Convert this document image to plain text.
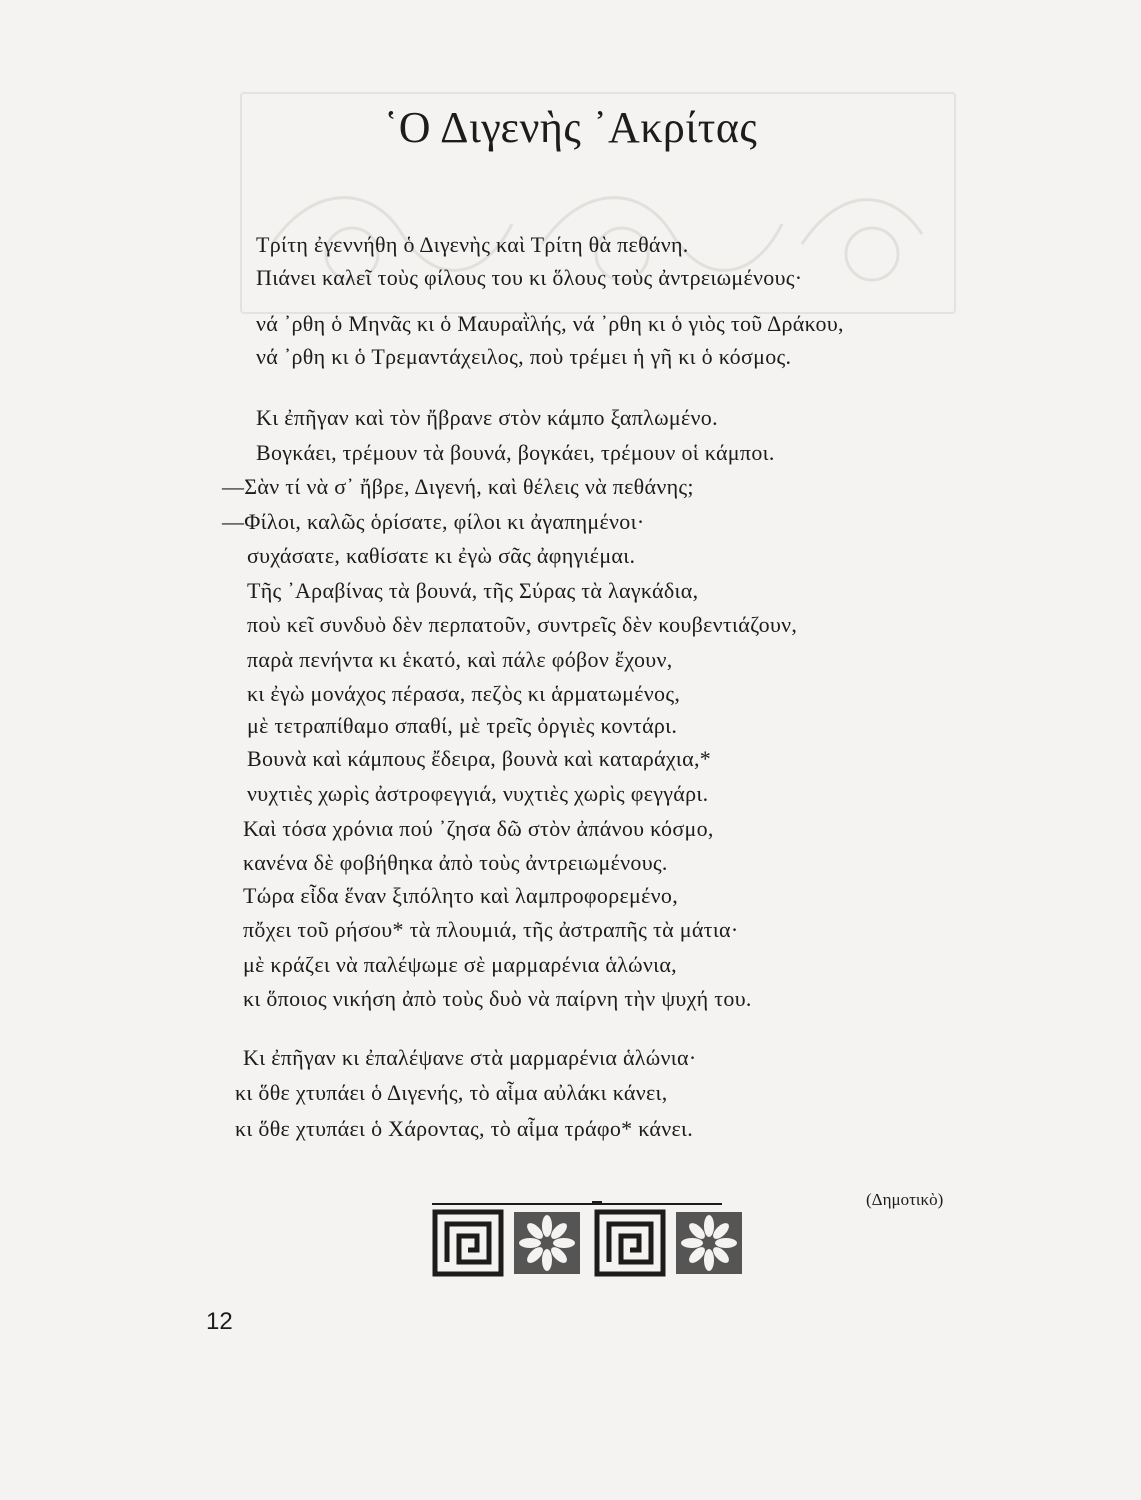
῾Ο Διγενὴς ᾿Ακρίτας
Τρίτη ἐγεννήθη ὁ Διγενὴς καὶ Τρίτη θὰ πεθάνη.
Πιάνει καλεῖ τοὺς φίλους του κι ὅλους τοὺς ἀντρειωμένους·
νά ᾿ρθη ὁ Μηνᾶς κι ὁ Μαυραῒλής, νά ᾿ρθη κι ὁ γιὸς τοῦ Δράκου,
νά ᾿ρθη κι ὁ Τρεμαντάχειλος, ποὺ τρέμει ἡ γῆ κι ὁ κόσμος.
Κι ἐπῆγαν καὶ τὸν ἤβρανε στὸν κάμπο ξαπλωμένο.
Βογκάει, τρέμουν τὰ βουνά, βογκάει, τρέμουν οἱ κάμποι.
—Σὰν τί νὰ σ᾿ ἤβρε, Διγενή, καὶ θέλεις νὰ πεθάνης;
—Φίλοι, καλῶς ὁρίσατε, φίλοι κι ἀγαπημένοι·
συχάσατε, καθίσατε κι ἐγὼ σᾶς ἀφηγιέμαι.
Τῆς ᾿Αραβίνας τὰ βουνά, τῆς Σύρας τὰ λαγκάδια,
ποὺ κεῖ συνδυὸ δὲν περπατοῦν, συντρεῖς δὲν κουβεντιάζουν,
παρὰ πενήντα κι ἑκατό, καὶ πάλε φόβον ἔχουν,
κι ἐγὼ μονάχος πέρασα, πεζὸς κι ἁρματωμένος,
μὲ τετραπίθαμο σπαθί, μὲ τρεῖς ὀργιὲς κοντάρι.
Βουνὰ καὶ κάμπους ἔδειρα, βουνὰ καὶ καταράχια,*
νυχτιὲς χωρὶς ἀστροφεγγιά, νυχτιὲς χωρὶς φεγγάρι.
Καὶ τόσα χρόνια πού ᾿ζησα δῶ στὸν ἀπάνου κόσμο,
κανένα δὲ φοβήθηκα ἀπὸ τοὺς ἀντρειωμένους.
Τώρα εἶδα ἕναν ξιπόλητο καὶ λαμπροφορεμένο,
πὄχει τοῦ ρήσου* τὰ πλουμιά, τῆς ἀστραπῆς τὰ μάτια·
μὲ κράζει νὰ παλέψωμε σὲ μαρμαρένια ἁλώνια,
κι ὅποιος νικήση ἀπὸ τοὺς δυὸ νὰ παίρνη τὴν ψυχή του.
Κι ἐπῆγαν κι ἐπαλέψανε στὰ μαρμαρένια ἁλώνια·
κι ὅθε χτυπάει ὁ Διγενής, τὸ αἷμα αὐλάκι κάνει,
κι ὅθε χτυπάει ὁ Χάροντας, τὸ αἷμα τράφο* κάνει.
(Δημοτικὸ)
12
